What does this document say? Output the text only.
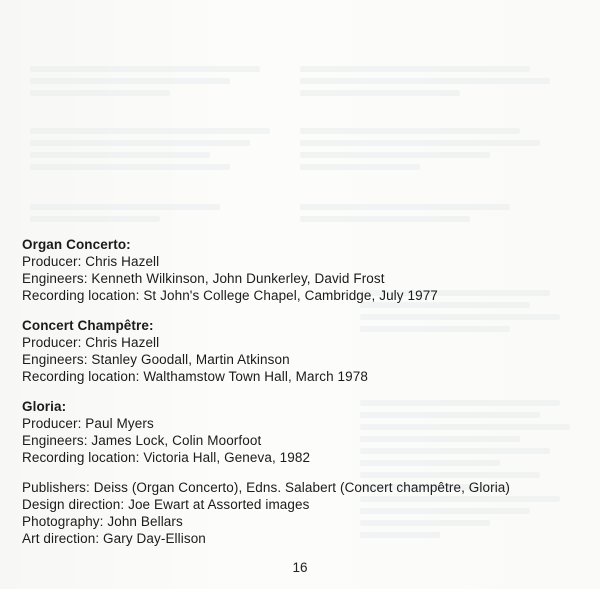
Organ Concerto:
Producer: Chris Hazell
Engineers: Kenneth Wilkinson, John Dunkerley, David Frost
Recording location: St John's College Chapel, Cambridge, July 1977
Concert Champêtre:
Producer: Chris Hazell
Engineers: Stanley Goodall, Martin Atkinson
Recording location: Walthamstow Town Hall, March 1978
Gloria:
Producer: Paul Myers
Engineers: James Lock, Colin Moorfoot
Recording location: Victoria Hall, Geneva, 1982
Publishers: Deiss (Organ Concerto), Edns. Salabert (Concert champêtre, Gloria)
Design direction: Joe Ewart at Assorted images
Photography: John Bellars
Art direction: Gary Day-Ellison
16
